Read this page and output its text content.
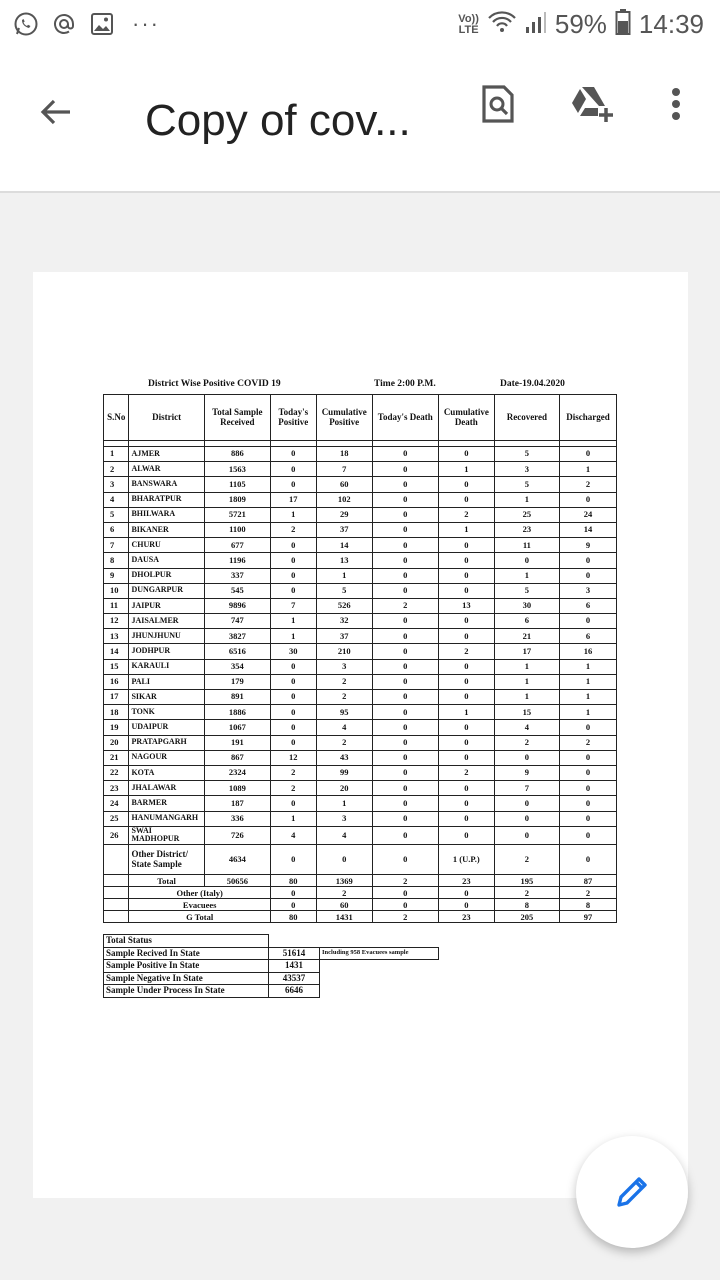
···	Vo))
LTE	59% 14:39
Copy of cov...
District Wise Positive COVID 19	Time 2:00 P.M.	Date-19.04.2020
S.No	District	Total Sample Received	Today's Positive	Cumulative Positive	Today's Death	Cumulative Death	Recovered	Discharged

1	AJMER	886	0	18	0	0	5	0
2	ALWAR	1563	0	7	0	1	3	1
3	BANSWARA	1105	0	60	0	0	5	2
4	BHARATPUR	1809	17	102	0	0	1	0
5	BHILWARA	5721	1	29	0	2	25	24
6	BIKANER	1100	2	37	0	1	23	14
7	CHURU	677	0	14	0	0	11	9
8	DAUSA	1196	0	13	0	0	0	0
9	DHOLPUR	337	0	1	0	0	1	0
10	DUNGARPUR	545	0	5	0	0	5	3
11	JAIPUR	9896	7	526	2	13	30	6
12	JAISALMER	747	1	32	0	0	6	0
13	JHUNJHUNU	3827	1	37	0	0	21	6
14	JODHPUR	6516	30	210	0	2	17	16
15	KARAULI	354	0	3	0	0	1	1
16	PALI	179	0	2	0	0	1	1
17	SIKAR	891	0	2	0	0	1	1
18	TONK	1886	0	95	0	1	15	1
19	UDAIPUR	1067	0	4	0	0	4	0
20	PRATAPGARH	191	0	2	0	0	2	2
21	NAGOUR	867	12	43	0	0	0	0
22	KOTA	2324	2	99	0	2	9	0
23	JHALAWAR	1089	2	20	0	0	7	0
24	BARMER	187	0	1	0	0	0	0
25	HANUMANGARH	336	1	3	0	0	0	0
26	SWAI MADHOPUR	726	4	4	0	0	0	0
	Other District/
State Sample	4634	0	0	0	1 (U.P.)	2	0
	Total	50656	80	1369	2	23	195	87
	Other (Italy)		0	2	0	0	2	2
	Evacuees		0	60	0	0	8	8
	G Total		80	1431	2	23	205	97
Total Status		
Sample Recived In State	51614	Including 958 Evacuees sample
Sample Positive In State	1431	
Sample Negative In State	43537	
Sample Under Process In State	6646	
